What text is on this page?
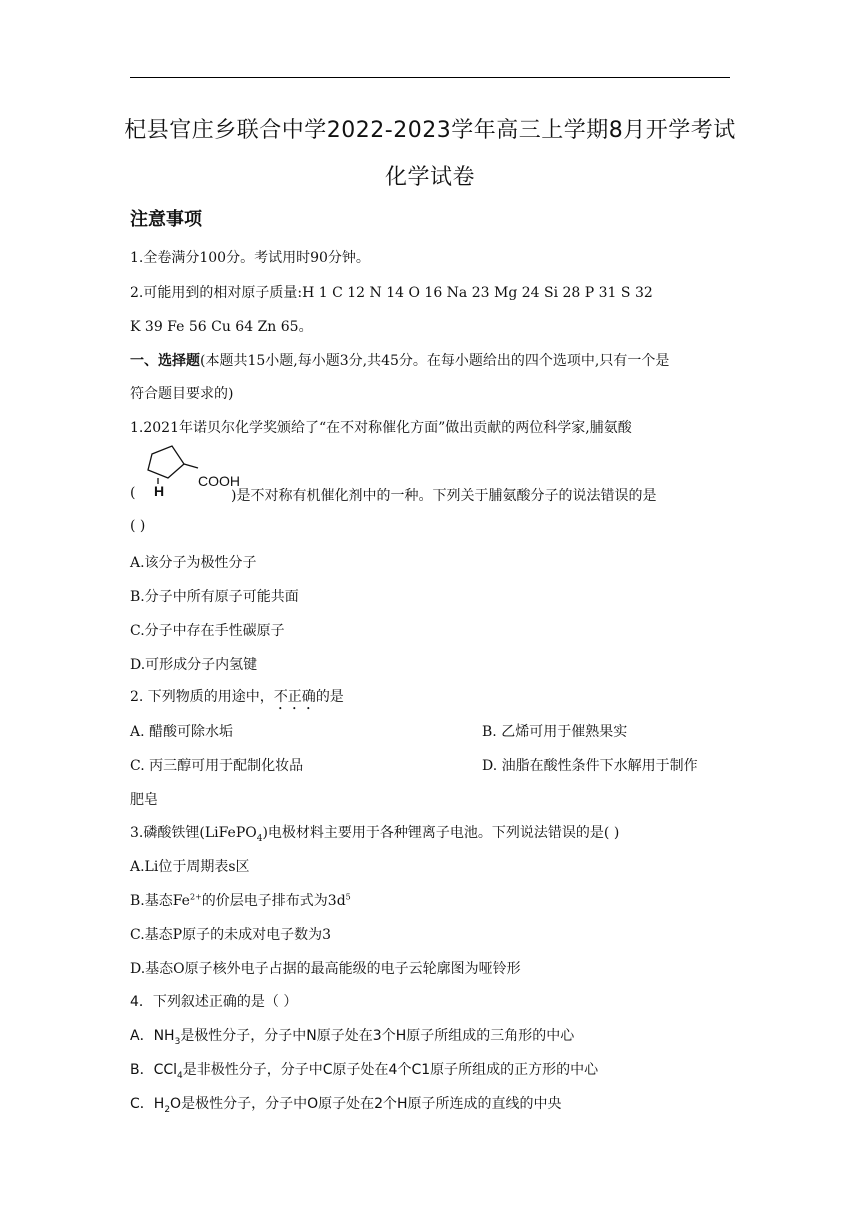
杞县官庄乡联合中学2022-2023学年高三上学期8月开学考试
化学试卷
注意事项
1.全卷满分100分。考试用时90分钟。
2.可能用到的相对原子质量:H 1 C 12 N 14 O 16 Na 23 Mg 24 Si 28 P 31 S 32
K 39 Fe 56 Cu 64 Zn 65。
一、选择题(本题共15小题,每小题3分,共45分。在每小题给出的四个选项中,只有一个是
符合题目要求的)
1.2021年诺贝尔化学奖颁给了“在不对称催化方面”做出贡献的两位科学家,脯氨酸
COOH
H
(	)是不对称有机催化剂中的一种。下列关于脯氨酸分子的说法错误的是
( )
A.该分子为极性分子
B.分子中所有原子可能共面
C.分子中存在手性碳原子
D.可形成分子内氢键
2. 下列物质的用途中，不正确的是
A. 醋酸可除水垢	B. 乙烯可用于催熟果实
C. 丙三醇可用于配制化妆品	D. 油脂在酸性条件下水解用于制作
肥皂
3.磷酸铁锂(LiFePO$_4$)电极材料主要用于各种锂离子电池。下列说法错误的是( )
A.Li位于周期表s区
B.基态$Fe^{2+}$的价层电子排布式为$3d^5$
C.基态P原子的未成对电子数为3
D.基态O原子核外电子占据的最高能级的电子云轮廓图为哑铃形
4．下列叙述正确的是（ ）
A．$NH_3$是极性分子，分子中N原子处在3个H原子所组成的三角形的中心
B．CCl$_4$是非极性分子，分子中C原子处在4个C1原子所组成的正方形的中心
C．$H_2O$是极性分子，分子中O原子处在2个H原子所连成的直线的中央
